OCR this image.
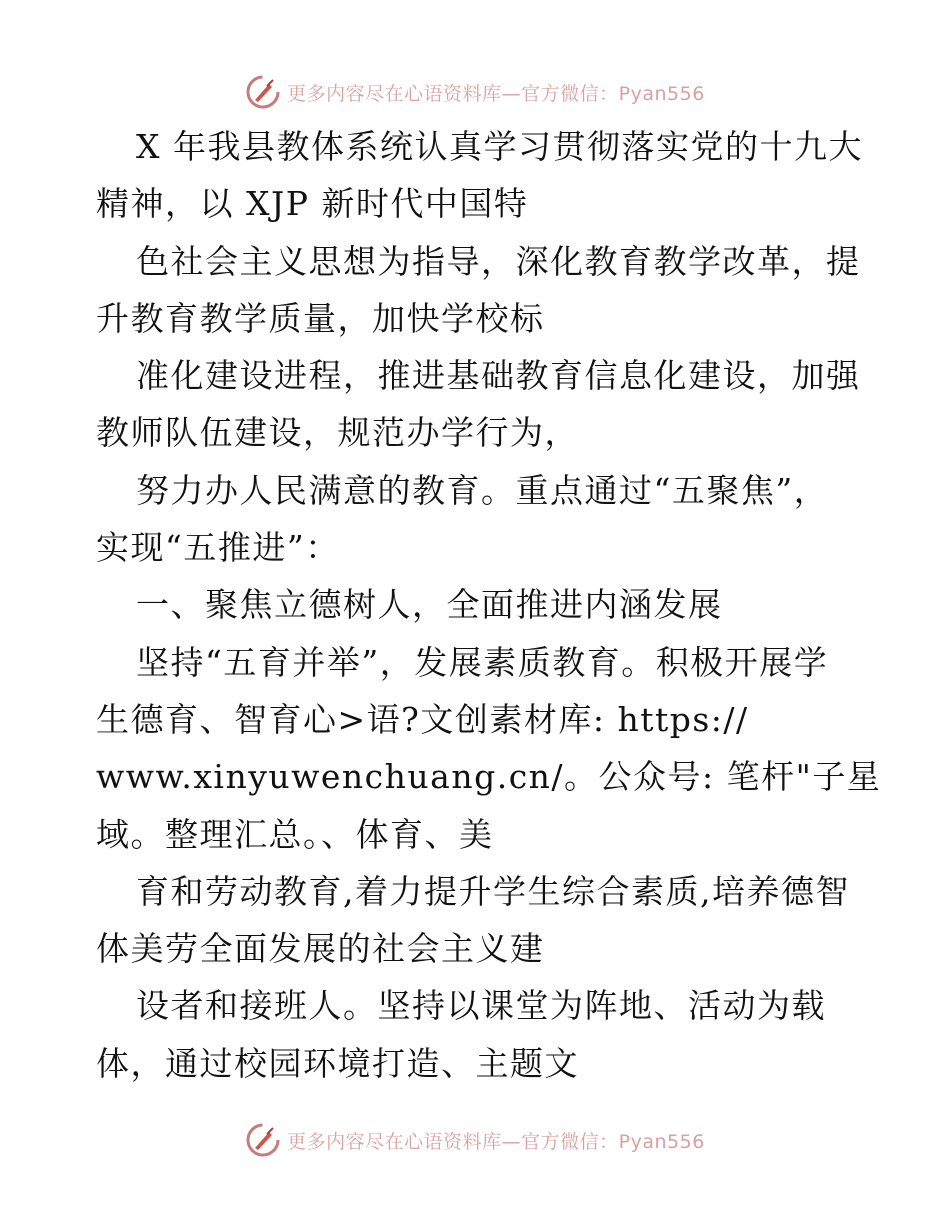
更多内容尽在心语资料库—官方微信：Pyan556
X 年我县教体系统认真学习贯彻落实党的十九大
精神，以 XJP 新时代中国特
色社会主义思想为指导，深化教育教学改革，提
升教育教学质量，加快学校标
准化建设进程，推进基础教育信息化建设，加强
教师队伍建设，规范办学行为，
努力办人民满意的教育。重点通过“五聚焦”，
实现“五推进”：
一、聚焦立德树人，全面推进内涵发展
坚持“五育并举”，发展素质教育。积极开展学
生德育、智育心>语?文创素材库: https://
www.xinyuwenchuang.cn/。公众号: 笔杆"子星
域。整理汇总。、体育、美
育和劳动教育,着力提升学生综合素质,培养德智
体美劳全面发展的社会主义建
设者和接班人。坚持以课堂为阵地、活动为载
体，通过校园环境打造、主题文
更多内容尽在心语资料库—官方微信：Pyan556
